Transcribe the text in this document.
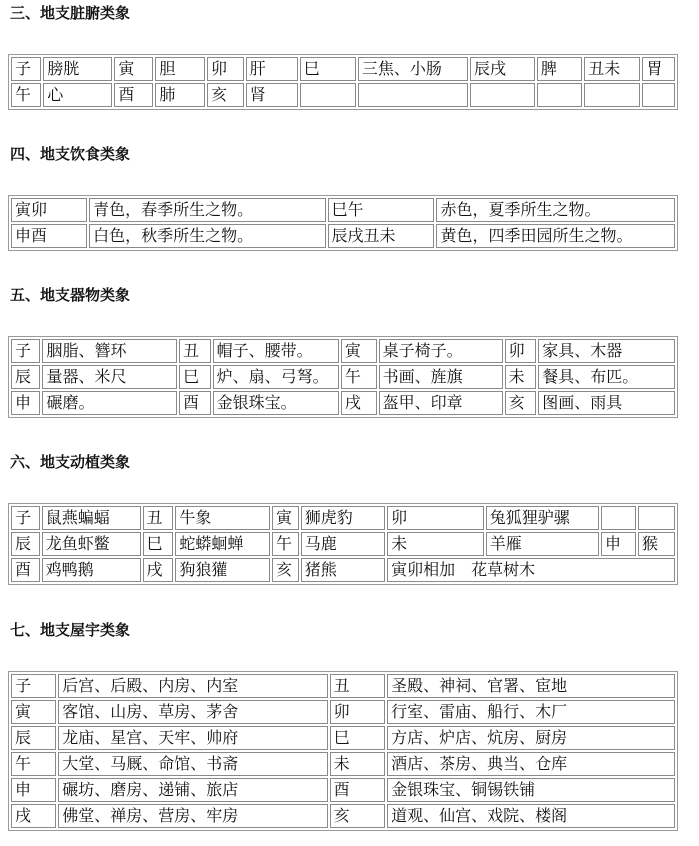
三、地支脏腑类象
子	膀胱	寅	胆	卯	肝	巳	三焦、小肠	辰戌	脾	丑未	胃
午	心	酉	肺	亥	肾						
四、地支饮食类象
寅卯	青色，春季所生之物。	巳午	赤色，夏季所生之物。
申酉	白色，秋季所生之物。	辰戌丑未	黄色，四季田园所生之物。
五、地支器物类象
子	胭脂、簪环	丑	帽子、腰带。	寅	桌子椅子。	卯	家具、木器
辰	量器、米尺	巳	炉、扇、弓弩。	午	书画、旌旗	未	餐具、布匹。
申	碾磨。	酉	金银珠宝。	戌	盔甲、印章	亥	图画、雨具
六、地支动植类象
子	鼠燕蝙蝠	丑	牛象	寅	狮虎豹	卯	兔狐狸驴骡		
辰	龙鱼虾鳖	巳	蛇蟒蛔蝉	午	马鹿	未	羊雁	申	猴
酉	鸡鸭鹅	戌	狗狼獾	亥	猪熊	寅卯相加　花草树木			
七、地支屋宇类象
子	后宫、后殿、内房、内室	丑	圣殿、神祠、官署、宦地
寅	客馆、山房、草房、茅舍	卯	行室、雷庙、船行、木厂
辰	龙庙、星宫、天牢、帅府	巳	方店、炉店、炕房、厨房
午	大堂、马厩、命馆、书斋	未	酒店、茶房、典当、仓库
申	碾坊、磨房、递铺、旅店	酉	金银珠宝、铜锡铁铺
戌	佛堂、禅房、营房、牢房	亥	道观、仙宫、戏院、楼阁
